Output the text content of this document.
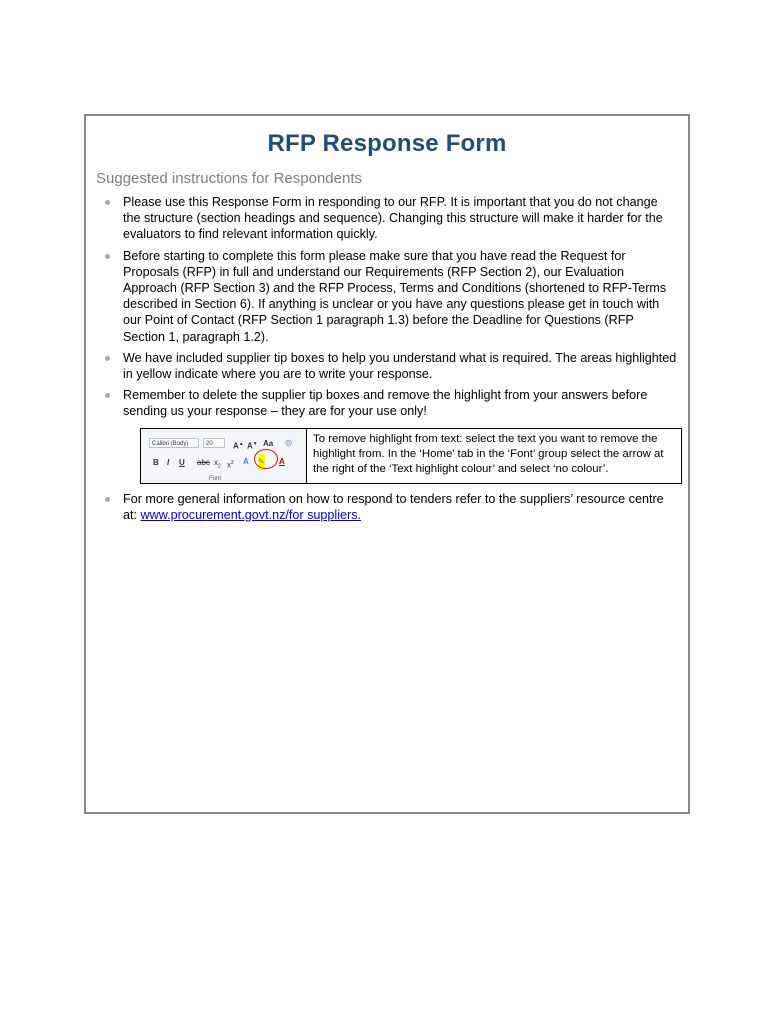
RFP Response Form
Suggested instructions for Respondents
Please use this Response Form in responding to our RFP. It is important that you do not change the structure (section headings and sequence). Changing this structure will make it harder for the evaluators to find relevant information quickly.
Before starting to complete this form please make sure that you have read the Request for Proposals (RFP) in full and understand our Requirements (RFP Section 2), our Evaluation Approach (RFP Section 3) and the RFP Process, Terms and Conditions (shortened to RFP-Terms described in Section 6). If anything is unclear or you have any questions please get in touch with our Point of Contact (RFP Section 1 paragraph 1.3) before the Deadline for Questions (RFP Section 1, paragraph 1.2).
We have included supplier tip boxes to help you understand what is required. The areas highlighted in yellow indicate where you are to write your response.
Remember to delete the supplier tip boxes and remove the highlight from your answers before sending us your response – they are for your use only!
Calibri (Body)	20	A▲ A▼ Aa ◎
B I U abc $x_2$ $x^2$ A ✎ A
Font
To remove highlight from text: select the text you want to remove the highlight from. In the ‘Home’ tab in the ‘Font’ group select the arrow at the right of the ‘Text highlight colour’ and select ‘no colour’.
For more general information on how to respond to tenders refer to the suppliers’ resource centre at: www.procurement.govt.nz/for suppliers.
